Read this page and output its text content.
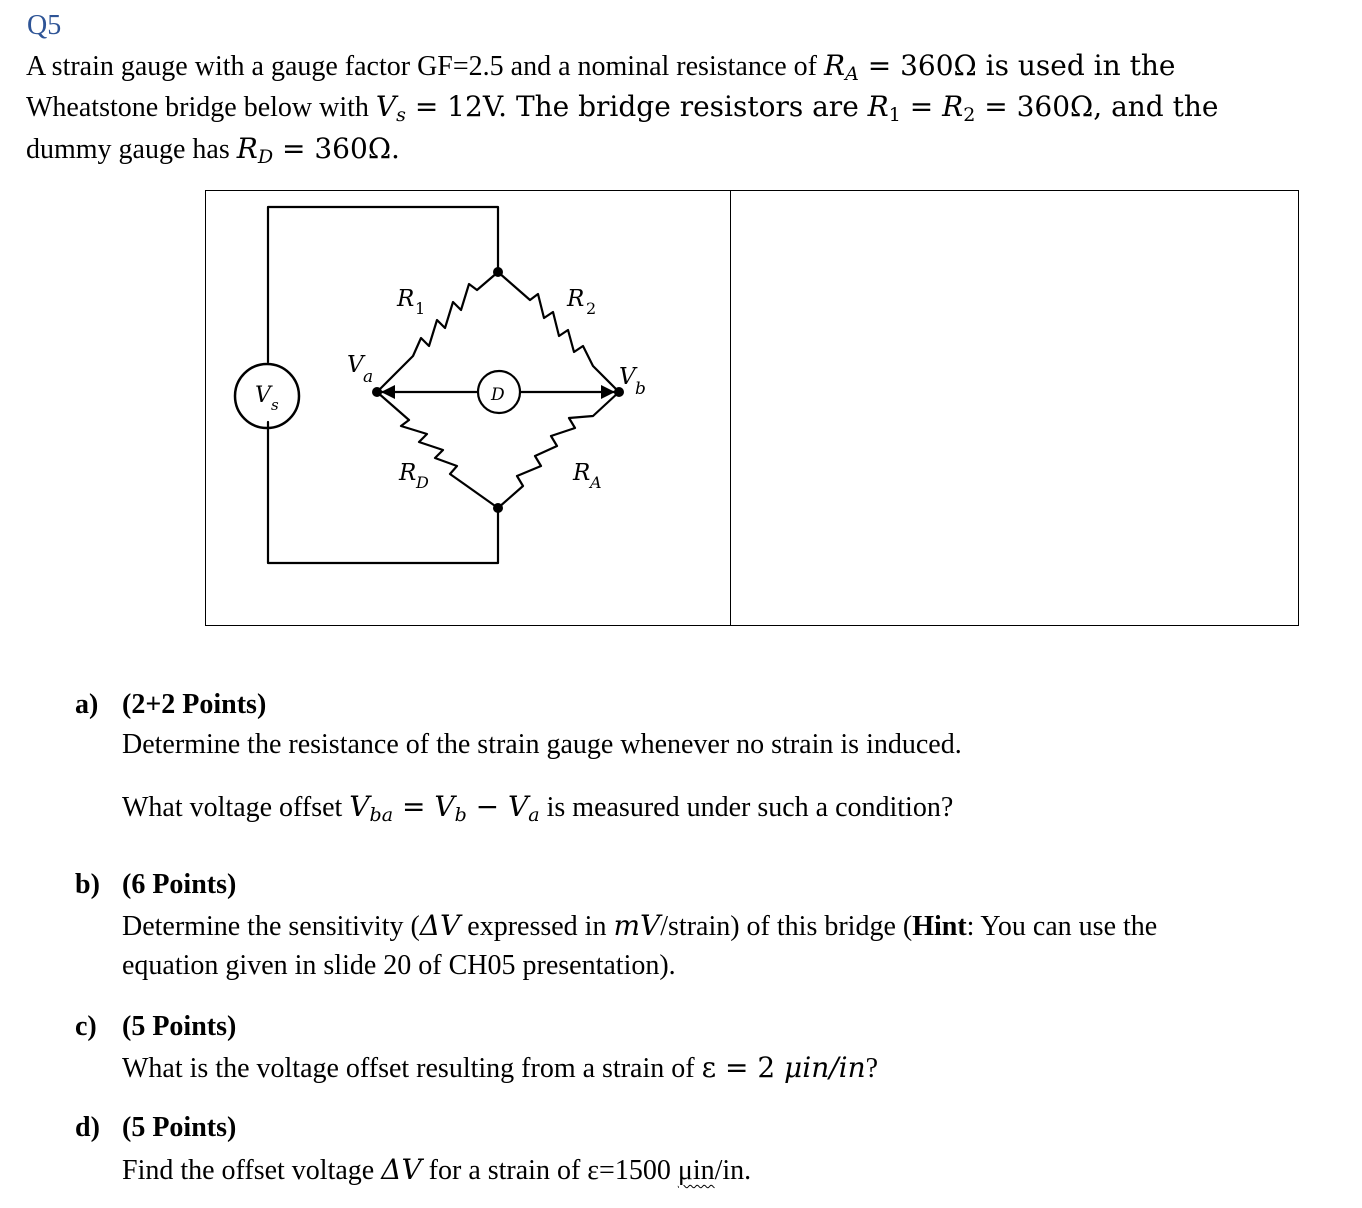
Q5
A strain gauge with a gauge factor GF=2.5 and a nominal resistance of $R_A = 360\Omega$ is used in the
Wheatstone bridge below with $V_s = 12V$. The bridge resistors are $R_1 = R_2 = 360\Omega$, and the
dummy gauge has $R_D = 360\Omega$.
V s	D
R 1	R 2
R D	R A
V a	V b
a) (2+2 Points)
Determine the resistance of the strain gauge whenever no strain is induced.
What voltage offset $V_{ba} = V_b - V_a$ is measured under such a condition?
b) (6 Points)
Determine the sensitivity (ΔV expressed in mV/strain) of this bridge (Hint: You can use the
equation given in slide 20 of CH05 presentation).
c) (5 Points)
What is the voltage offset resulting from a strain of ε = 2 μin/in?
d) (5 Points)
Find the offset voltage ΔV for a strain of ε=1500 μin/in.
